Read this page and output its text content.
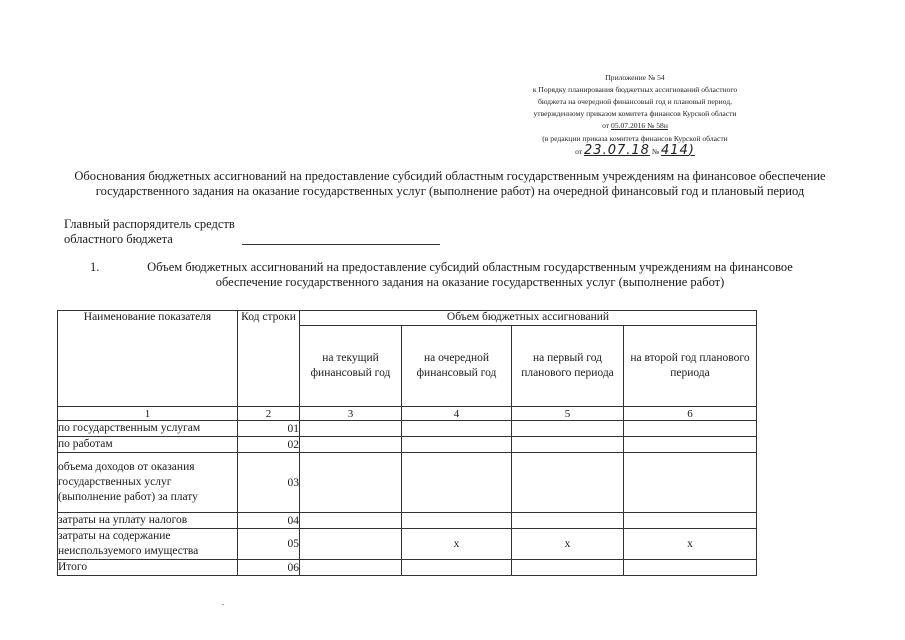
Приложение № 54
к Порядку планирования бюджетных ассигнований областного
бюджета на очередной финансовый год и плановый период,
утвержденному приказом комитета финансов Курской области
от 05.07.2016 № 58н
(в редакции приказа комитета финансов Курской области
от 23.07.18 № 414)
Обоснования бюджетных ассигнований на предоставление субсидий областным государственным учреждениям на финансовое обеспечение государственного задания на оказание государственных услуг (выполнение работ) на очередной финансовый год и плановый период
Главный распорядитель средств
областного бюджета
1.	Объем бюджетных ассигнований на предоставление субсидий областным государственным учреждениям на финансовое обеспечение государственного задания на оказание государственных услуг (выполнение работ)
Наименование показателя	Код строки	Объем бюджетных ассигнований			
		на текущий финансовый год	на очередной финансовый год	на первый год планового периода	на второй год планового периода
1	2	3	4	5	6
по государственным услугам	01				
по работам	02				
объема доходов от оказания государственных услуг (выполнение работ) за плату	03				
затраты на уплату налогов	04				
затраты на содержание неиспользуемого имущества	05		x	x	x
Итого	06				
